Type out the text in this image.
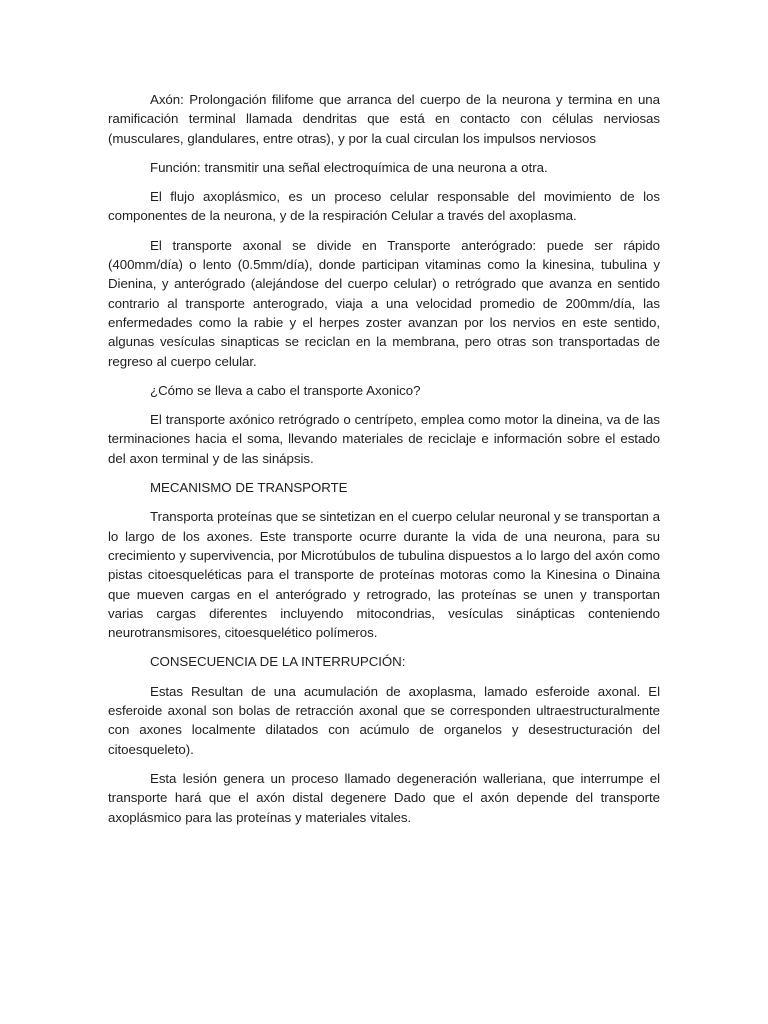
Axón: Prolongación filifome que arranca del cuerpo de la neurona y termina en una ramificación terminal llamada dendritas que está en contacto con células nerviosas (musculares, glandulares, entre otras), y por la cual circulan los impulsos nerviosos

Función: transmitir una señal electroquímica de una neurona a otra.

El flujo axoplásmico, es un proceso celular responsable del movimiento de los componentes de la neurona, y de la respiración Celular a través del axoplasma.

El transporte axonal se divide en Transporte anterógrado: puede ser rápido (400mm/día) o lento (0.5mm/día), donde participan vitaminas como la kinesina, tubulina y Dienina, y anterógrado (alejándose del cuerpo celular) o retrógrado que avanza en sentido contrario al transporte anterogrado, viaja a una velocidad promedio de 200mm/día, las enfermedades como la rabie y el herpes zoster avanzan por los nervios en este sentido, algunas vesículas sinapticas se reciclan en la membrana, pero otras son transportadas de regreso al cuerpo celular.

¿Cómo se lleva a cabo el transporte Axonico?

El transporte axónico retrógrado o centrípeto, emplea como motor la dineina, va de las terminaciones hacia el soma, llevando materiales de reciclaje e información sobre el estado del axon terminal y de las sinápsis.

MECANISMO DE TRANSPORTE

Transporta proteínas que se sintetizan en el cuerpo celular neuronal y se transportan a lo largo de los axones. Este transporte ocurre durante la vida de una neurona, para su crecimiento y supervivencia, por Microtúbulos de tubulina dispuestos a lo largo del axón como pistas citoesqueléticas para el transporte de proteínas motoras como la Kinesina o Dinaina que mueven cargas en el anterógrado y retrogrado, las proteínas se unen y transportan varias cargas diferentes incluyendo mitocondrias, vesículas sinápticas conteniendo neurotransmisores, citoesquelético polímeros.

CONSECUENCIA DE LA INTERRUPCIÓN:

Estas Resultan de una acumulación de axoplasma, lamado esferoide axonal. El esferoide axonal son bolas de retracción axonal que se corresponden ultraestructuralmente con axones localmente dilatados con acúmulo de organelos y desestructuración del citoesqueleto).

Esta lesión genera un proceso llamado degeneración walleriana, que interrumpe el transporte hará que el axón distal degenere Dado que el axón depende del transporte axoplásmico para las proteínas y materiales vitales.
